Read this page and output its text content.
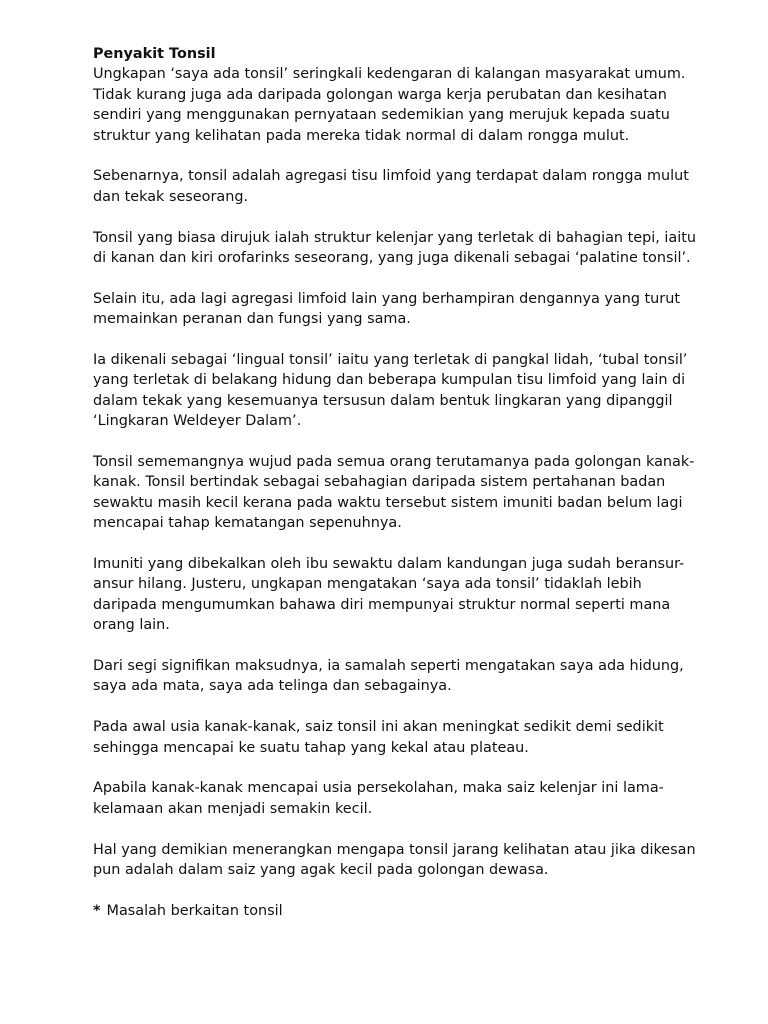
Penyakit Tonsil

Ungkapan ‘saya ada tonsil’ seringkali kedengaran di kalangan masyarakat umum. Tidak kurang juga ada daripada golongan warga kerja perubatan dan kesihatan sendiri yang menggunakan pernyataan sedemikian yang merujuk kepada suatu struktur yang kelihatan pada mereka tidak normal di dalam rongga mulut.

Sebenarnya, tonsil adalah agregasi tisu limfoid yang terdapat dalam rongga mulut dan tekak seseorang.

Tonsil yang biasa dirujuk ialah struktur kelenjar yang terletak di bahagian tepi, iaitu di kanan dan kiri orofarinks seseorang, yang juga dikenali sebagai ‘palatine tonsil’.

Selain itu, ada lagi agregasi limfoid lain yang berhampiran dengannya yang turut memainkan peranan dan fungsi yang sama.

Ia dikenali sebagai ‘lingual tonsil’ iaitu yang terletak di pangkal lidah, ‘tubal tonsil’ yang terletak di belakang hidung dan beberapa kumpulan tisu limfoid yang lain di dalam tekak yang kesemuanya tersusun dalam bentuk lingkaran yang dipanggil ‘Lingkaran Weldeyer Dalam’.

Tonsil sememangnya wujud pada semua orang terutamanya pada golongan kanak-kanak. Tonsil bertindak sebagai sebahagian daripada sistem pertahanan badan sewaktu masih kecil kerana pada waktu tersebut sistem imuniti badan belum lagi mencapai tahap kematangan sepenuhnya.

Imuniti yang dibekalkan oleh ibu sewaktu dalam kandungan juga sudah beransur-ansur hilang. Justeru, ungkapan mengatakan ‘saya ada tonsil’ tidaklah lebih daripada mengumumkan bahawa diri mempunyai struktur normal seperti mana orang lain.

Dari segi signifikan maksudnya, ia samalah seperti mengatakan saya ada hidung, saya ada mata, saya ada telinga dan sebagainya.

Pada awal usia kanak-kanak, saiz tonsil ini akan meningkat sedikit demi sedikit sehingga mencapai ke suatu tahap yang kekal atau plateau.

Apabila kanak-kanak mencapai usia persekolahan, maka saiz kelenjar ini lama-kelamaan akan menjadi semakin kecil.

Hal yang demikian menerangkan mengapa tonsil jarang kelihatan atau jika dikesan pun adalah dalam saiz yang agak kecil pada golongan dewasa.

* Masalah berkaitan tonsil
